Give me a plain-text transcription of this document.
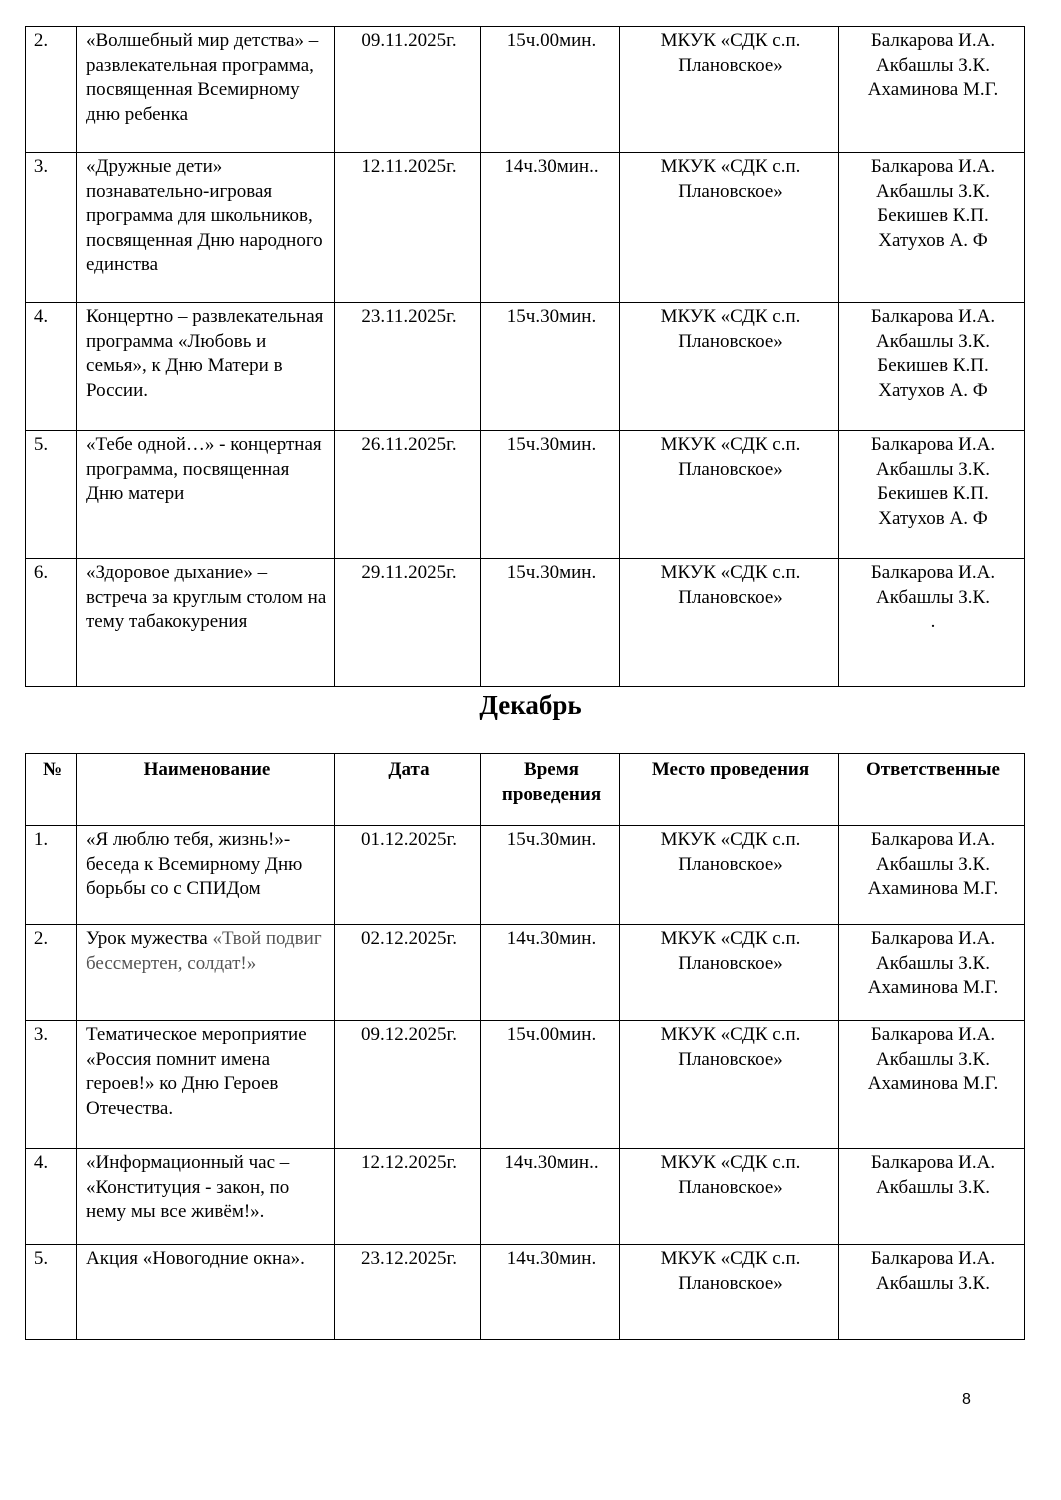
2.	«Волшебный мир детства» – развлекательная программа, посвященная Всемирному дню ребенка	09.11.2025г.	15ч.00мин.	МКУК «СДК с.п. Плановское»	Балкарова И.А.
Акбашлы З.К.
Ахаминова М.Г.

3.	«Дружные дети» познавательно-игровая программа для школьников, посвященная Дню народного единства	12.11.2025г.	14ч.30мин..	МКУК «СДК с.п. Плановское»	Балкарова И.А.
Акбашлы З.К.
Бекишев К.П.
Хатухов А. Ф

4.	Концертно – развлекательная программа «Любовь и семья», к Дню Матери в России.	23.11.2025г.	15ч.30мин.	МКУК «СДК с.п. Плановское»	Балкарова И.А.
Акбашлы З.К.
Бекишев К.П.
Хатухов А. Ф

5.	«Тебе одной…» - концертная программа, посвященная Дню матери	26.11.2025г.	15ч.30мин.	МКУК «СДК с.п. Плановское»	Балкарова И.А.
Акбашлы З.К.
Бекишев К.П.
Хатухов А. Ф

6.	«Здоровое дыхание» – встреча за круглым столом на тему табакокурения	29.11.2025г.	15ч.30мин.	МКУК «СДК с.п. Плановское»	Балкарова И.А.
Акбашлы З.К.
.
Декабрь
№	Наименование	Дата	Время проведения	Место проведения	Ответственные
1.	«Я люблю тебя, жизнь!»- беседа к Всемирному Дню борьбы со с СПИДом	01.12.2025г.	15ч.30мин.	МКУК «СДК с.п. Плановское»	Балкарова И.А.
Акбашлы З.К.
Ахаминова М.Г.

2.	Урок мужества «Твой подвиг бессмертен, солдат!»	02.12.2025г.	14ч.30мин.	МКУК «СДК с.п. Плановское»	Балкарова И.А.
Акбашлы З.К.
Ахаминова М.Г.

3.	Тематическое мероприятие «Россия помнит имена героев!» ко Дню Героев Отечества.	09.12.2025г.	15ч.00мин.	МКУК «СДК с.п. Плановское»	Балкарова И.А.
Акбашлы З.К.
Ахаминова М.Г.

4.	«Информационный час – «Конституция - закон, по нему мы все живём!».	12.12.2025г.	14ч.30мин..	МКУК «СДК с.п. Плановское»	Балкарова И.А.
Акбашлы З.К.

5.	Акция «Новогодние окна».	23.12.2025г.	14ч.30мин.	МКУК «СДК с.п. Плановское»	Балкарова И.А.
Акбашлы З.К.
8
